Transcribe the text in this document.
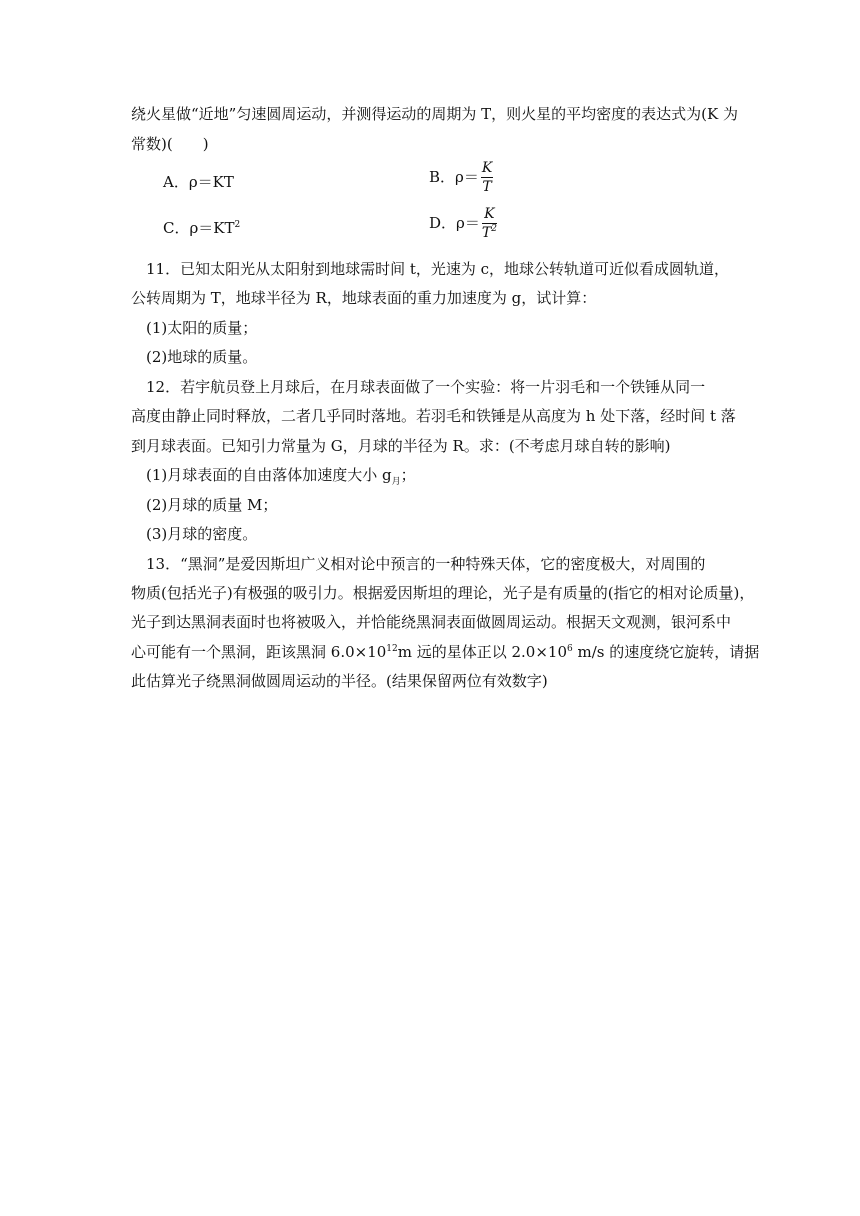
绕火星做“近地”匀速圆周运动，并测得运动的周期为 T，则火星的平均密度的表达式为(K 为
常数)(　　)
A．ρ＝KT	B．$\rho= \frac{K}{T}$
C．$\rho=KT^2$	D．$\rho= \frac{K}{T^2}$
11．已知太阳光从太阳射到地球需时间 t，光速为 c，地球公转轨道可近似看成圆轨道，
公转周期为 T，地球半径为 R，地球表面的重力加速度为 g，试计算：
(1)太阳的质量；
(2)地球的质量。
12．若宇航员登上月球后，在月球表面做了一个实验：将一片羽毛和一个铁锤从同一
高度由静止同时释放，二者几乎同时落地。若羽毛和铁锤是从高度为 h 处下落，经时间 t 落
到月球表面。已知引力常量为 G，月球的半径为 R。求：(不考虑月球自转的影响)
(1)月球表面的自由落体加速度大小 $g_月$；
(2)月球的质量 M；
(3)月球的密度。
13．“黑洞”是爱因斯坦广义相对论中预言的一种特殊天体，它的密度极大，对周围的
物质(包括光子)有极强的吸引力。根据爱因斯坦的理论，光子是有质量的(指它的相对论质量)，
光子到达黑洞表面时也将被吸入，并恰能绕黑洞表面做圆周运动。根据天文观测，银河系中
心可能有一个黑洞，距该黑洞 $6.0\times 10^{12}m$ 远的星体正以 $2.0\times 10^6$ m/s 的速度绕它旋转，请据
此估算光子绕黑洞做圆周运动的半径。(结果保留两位有效数字)
